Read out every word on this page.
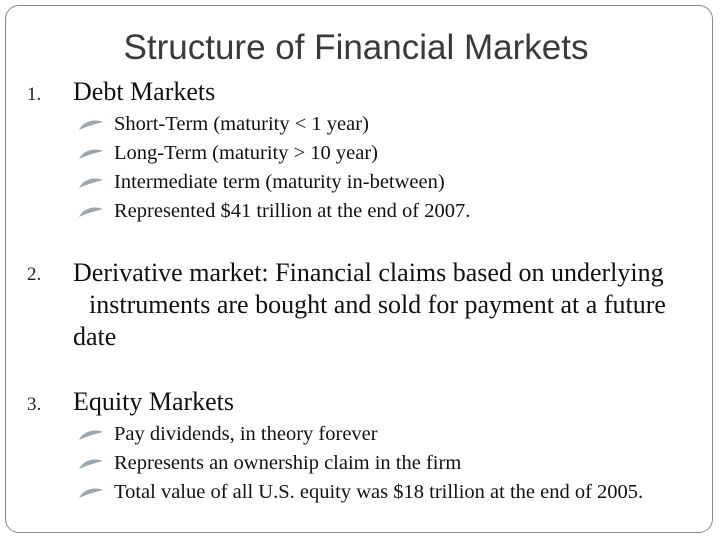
Structure of Financial Markets
1. Debt Markets
Short-Term (maturity < 1 year)
Long-Term (maturity > 10 year)
Intermediate term (maturity in-between)
Represented $41 trillion at the end of 2007.
2. Derivative market: Financial claims based on underlying
instruments are bought and sold for payment at a future
date
3. Equity Markets
Pay dividends, in theory forever
Represents an ownership claim in the firm
Total value of all U.S. equity was $18 trillion at the end of 2005.
